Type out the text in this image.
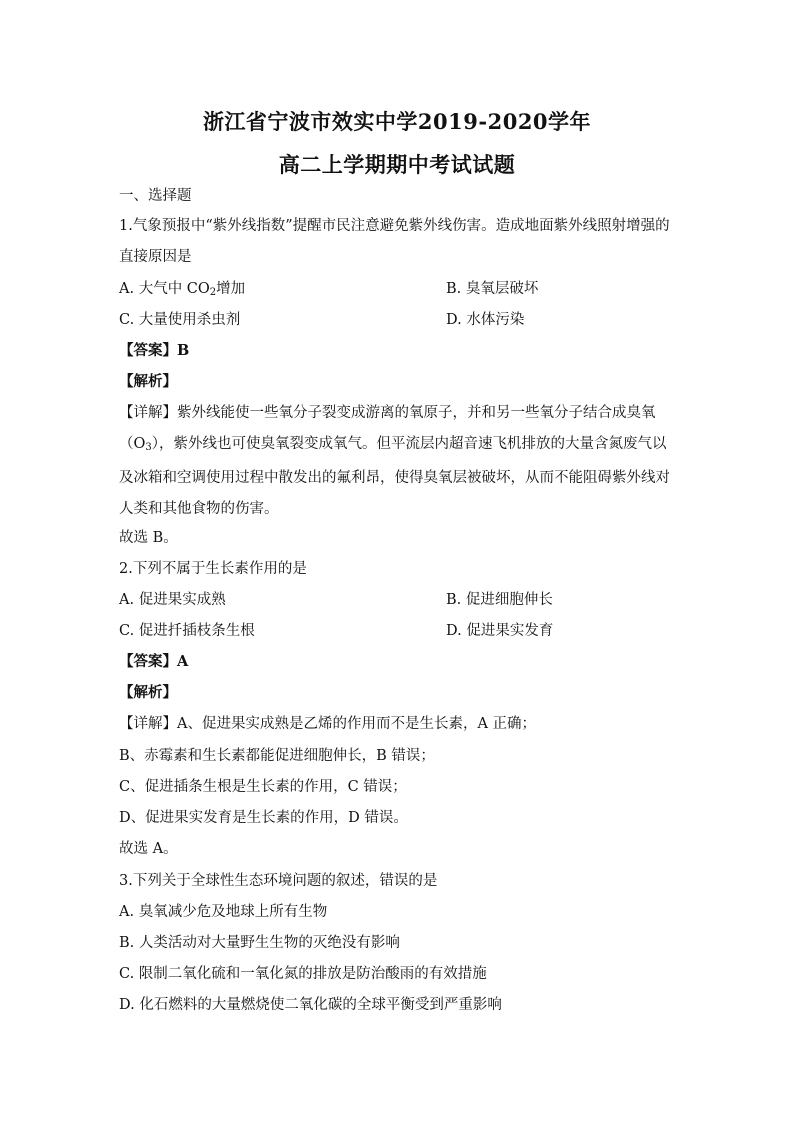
浙江省宁波市效实中学2019-2020学年
高二上学期期中考试试题
一、选择题
1.气象预报中“紫外线指数”提醒市民注意避免紫外线伤害。造成地面紫外线照射增强的直接原因是
A. 大气中 $CO_2$增加	B. 臭氧层破坏
C. 大量使用杀虫剂	D. 水体污染
【答案】B
【解析】
【详解】紫外线能使一些氧分子裂变成游离的氧原子，并和另一些氧分子结合成臭氧$(O_3)$，紫外线也可使臭氧裂变成氧气。但平流层内超音速飞机排放的大量含氮废气以及冰箱和空调使用过程中散发出的氟利昂，使得臭氧层被破坏，从而不能阻碍紫外线对人类和其他食物的伤害。
故选 B。
2.下列不属于生长素作用的是
A. 促进果实成熟	B. 促进细胞伸长
C. 促进扦插枝条生根	D. 促进果实发育
【答案】A
【解析】
【详解】A、促进果实成熟是乙烯的作用而不是生长素，A 正确；
B、赤霉素和生长素都能促进细胞伸长，B 错误；
C、促进插条生根是生长素的作用，C 错误；
D、促进果实发育是生长素的作用，D 错误。
故选 A。
3.下列关于全球性生态环境问题的叙述，错误的是
A. 臭氧减少危及地球上所有生物
B. 人类活动对大量野生生物的灭绝没有影响
C. 限制二氧化硫和一氧化氮的排放是防治酸雨的有效措施
D. 化石燃料的大量燃烧使二氧化碳的全球平衡受到严重影响
